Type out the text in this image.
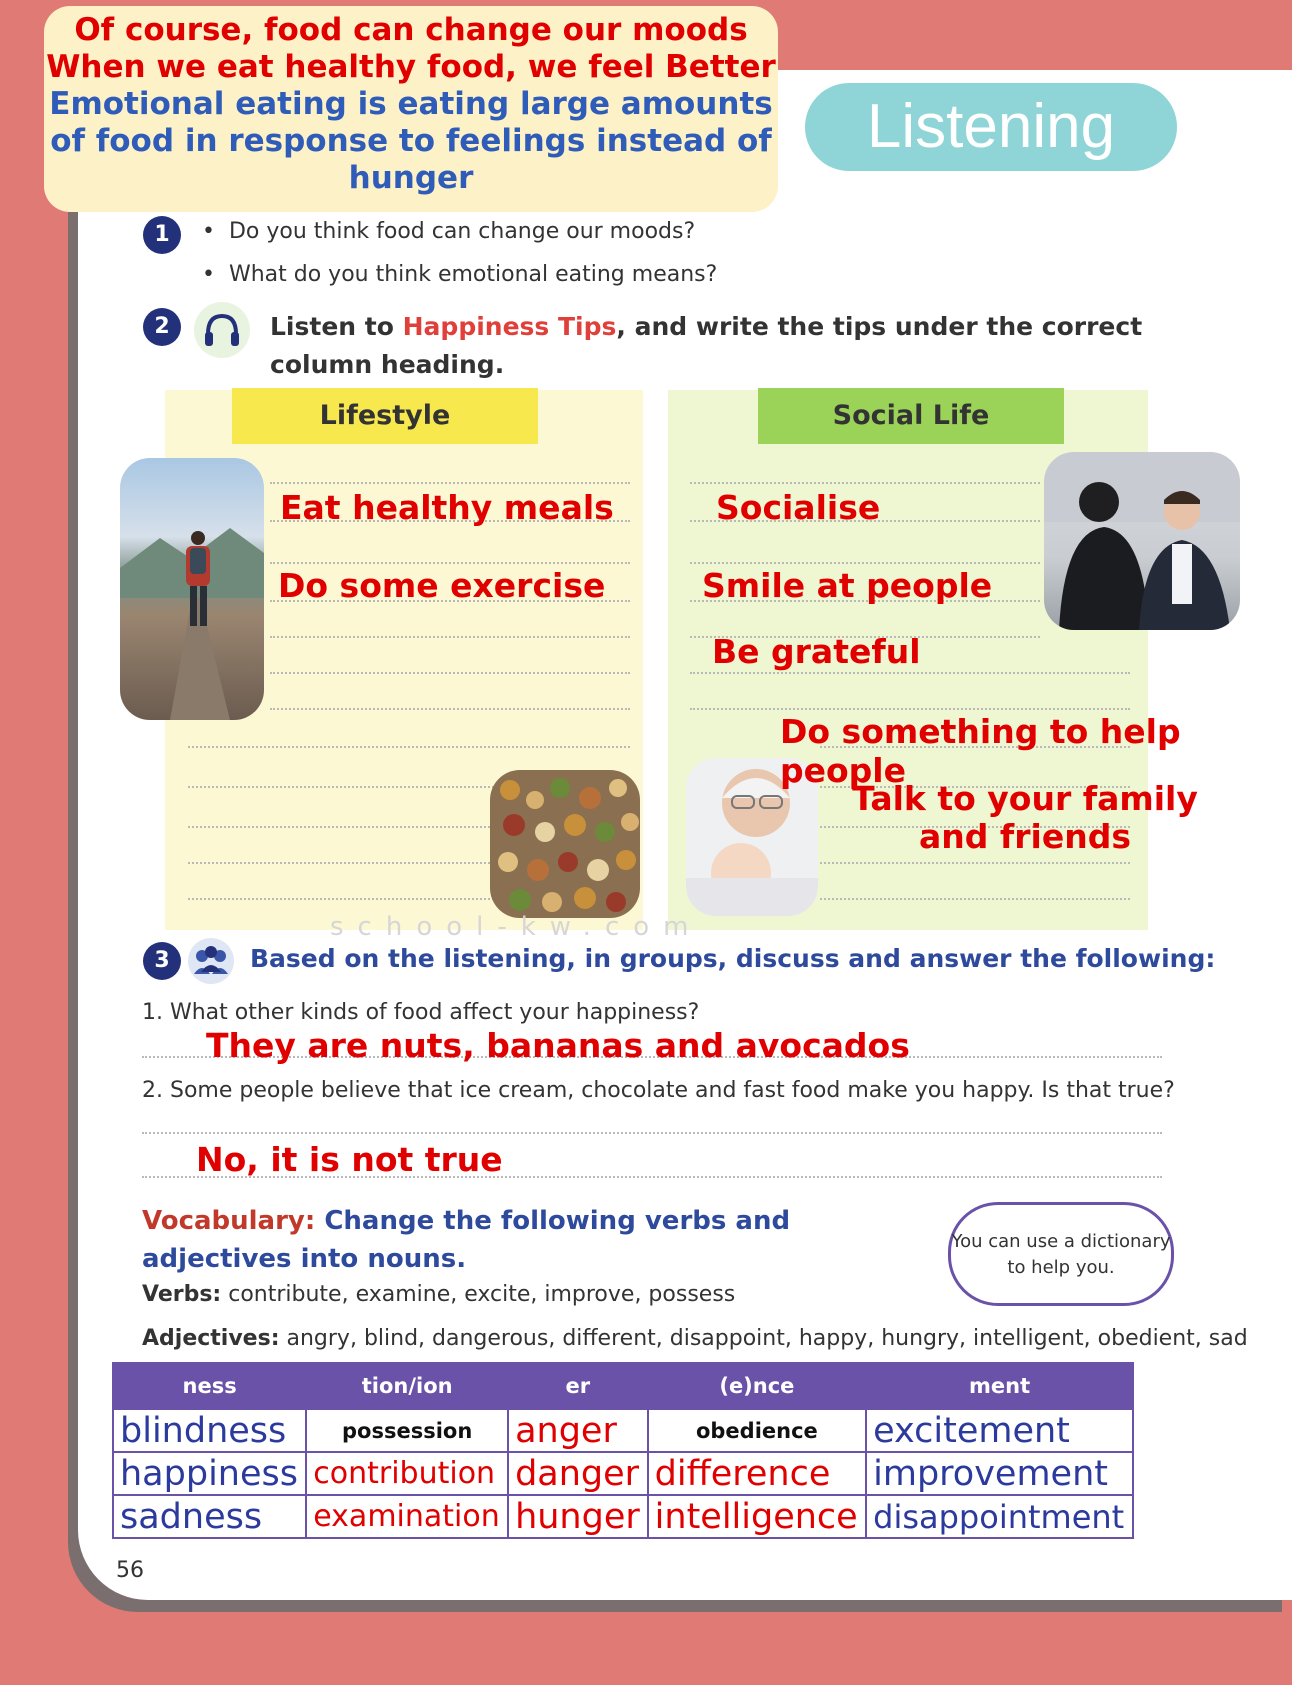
Listening
Of course, food can change our moods
When we eat healthy food, we feel Better
Emotional eating is eating large amounts of food in response to feelings instead of hunger
1	•  Do you think food can change our moods?
•  What do you think emotional eating means?
2	Listen to Happiness Tips, and write the tips under the correct column heading.
Lifestyle	Social Life
school-kw.com
Eat healthy meals
Do some exercise
Socialise
Smile at people
Be grateful
Do something to help people
Talk to your family and friends
3	Based on the listening, in groups, discuss and answer the following:
1. What other kinds of food affect your happiness?
They are nuts, bananas and avocados
2. Some people believe that ice cream, chocolate and fast food make you happy. Is that true?
No, it is not true
Vocabulary: Change the following verbs and adjectives into nouns.
You can use a dictionary to help you.
Verbs: contribute, examine, excite, improve, possess
Adjectives: angry, blind, dangerous, different, disappoint, happy, hungry, intelligent, obedient, sad
ness	tion/ion	er	(e)nce	ment
blindness	possession	anger	obedience	excitement
happiness	contribution	danger	difference	improvement
sadness	examination	hunger	intelligence	disappointment
56
